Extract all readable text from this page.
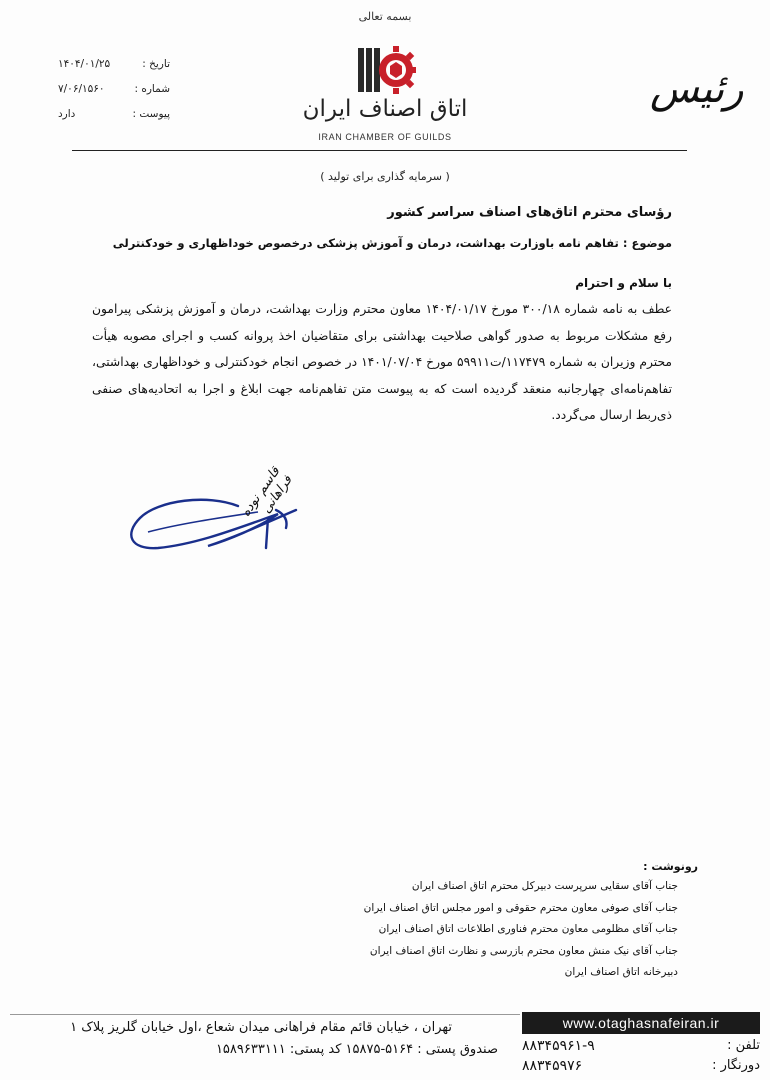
تاریخ :
۱۴۰۴/۰۱/۲۵
شماره :
۷/۰۶/۱۵۶۰
پیوست :
دارد
بسمه تعالی
اتاق اصناف ایران
IRAN CHAMBER OF GUILDS
رئیس
( سرمایه گذاری برای تولید )
رؤسای محترم اتاق‌های اصناف سراسر کشور
موضوع : تفاهم نامه باوزارت بهداشت، درمان و آموزش پزشکی درخصوص خوداظهاری و خودکنترلی
با سلام و احترام
عطف به نامه شماره ۳۰۰/۱۸ مورخ ۱۴۰۴/۰۱/۱۷ معاون محترم وزارت بهداشت، درمان و آموزش پزشکی پیرامون رفع مشکلات مربوط به صدور گواهی صلاحیت بهداشتی برای متقاضیان اخذ پروانه کسب و اجرای مصوبه هیأت محترم وزیران به شماره ۱۱۷۴۷۹/ت۵۹۹۱۱ مورخ ۱۴۰۱/۰۷/۰۴ در خصوص انجام خودکنترلی و خوداظهاری بهداشتی، تفاهم‌نامه‌ای چهارجانبه منعقد گردیده است که به پیوست متن تفاهم‌نامه جهت ابلاغ و اجرا به اتحادیه‌های صنفی ذی‌ربط ارسال می‌گردد.
قاسم نوده فراهانی
رونوشت :
جناب آقای سقایی سرپرست دبیرکل محترم اتاق اصناف ایران
جناب آقای صوفی معاون محترم حقوقی و امور مجلس اتاق اصناف ایران
جناب آقای مظلومی معاون محترم فناوری اطلاعات اتاق اصناف ایران
جناب آقای نیک منش معاون محترم بازرسی و نظارت اتاق اصناف ایران
دبیرخانه اتاق اصناف ایران
تهران ، خیابان قائم مقام فراهانی میدان شعاع ،اول خیابان گلریز پلاک ۱
صندوق پستی : ۵۱۶۴-۱۵۸۷۵ کد پستی: ۱۵۸۹۶۳۳۱۱۱
www.otaghasnafeiran.ir
تلفن :
۸۸۳۴۵۹۶۱-۹
دورنگار :
۸۸۳۴۵۹۷۶
